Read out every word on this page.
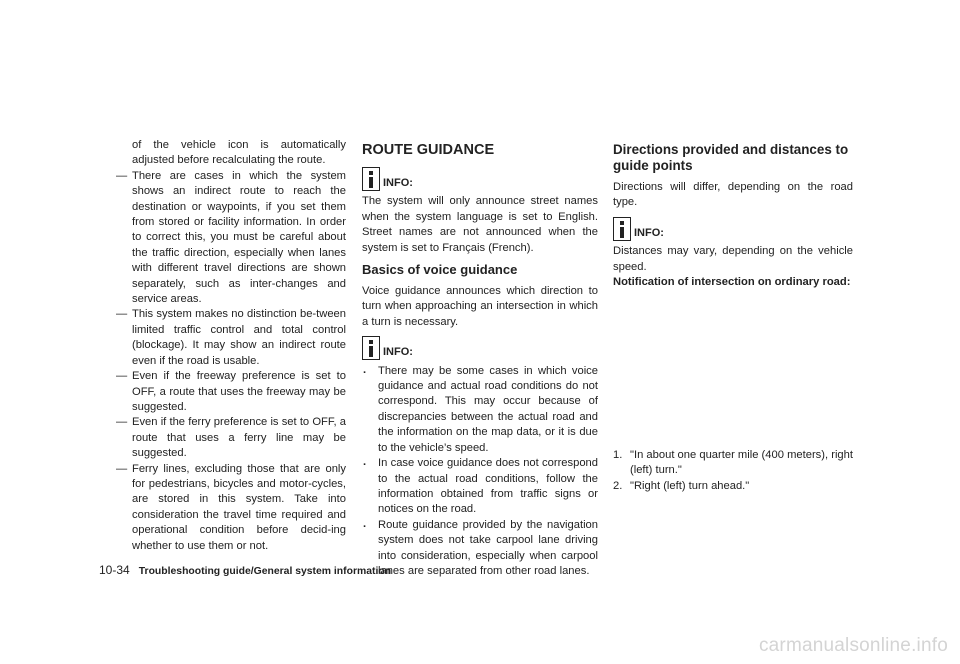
of the vehicle icon is automatically adjusted before recalculating the route.

— There are cases in which the system shows an indirect route to reach the destination or waypoints, if you set them from stored or facility information. In order to correct this, you must be careful about the traffic direction, especially when lanes with different travel directions are shown separately, such as inter-changes and service areas.

— This system makes no distinction be-tween limited traffic control and total control (blockage). It may show an indirect route even if the road is usable.

— Even if the freeway preference is set to OFF, a route that uses the freeway may be suggested.

— Even if the ferry preference is set to OFF, a route that uses a ferry line may be suggested.

— Ferry lines, excluding those that are only for pedestrians, bicycles and motor-cycles, are stored in this system. Take into consideration the travel time required and operational condition before decid-ing whether to use them or not.

ROUTE GUIDANCE
INFO:

The system will only announce street names when the system language is set to English. Street names are not announced when the system is set to Français (French).

Basics of voice guidance

Voice guidance announces which direction to turn when approaching an intersection in which a turn is necessary.

INFO:

. There may be some cases in which voice guidance and actual road conditions do not correspond. This may occur because of discrepancies between the actual road and the information on the map data, or it is due to the vehicle’s speed.

. In case voice guidance does not correspond to the actual road conditions, follow the information obtained from traffic signs or notices on the road.

. Route guidance provided by the navigation system does not take carpool lane driving into consideration, especially when carpool lanes are separated from other road lanes.

Directions provided and distances to guide points

Directions will differ, depending on the road type.

INFO:

Distances may vary, depending on the vehicle speed.

Notification of intersection on ordinary road:

1. "In about one quarter mile (400 meters), right (left) turn."

2. "Right (left) turn ahead."

10-34 Troubleshooting guide/General system information
carmanualsonline.info
